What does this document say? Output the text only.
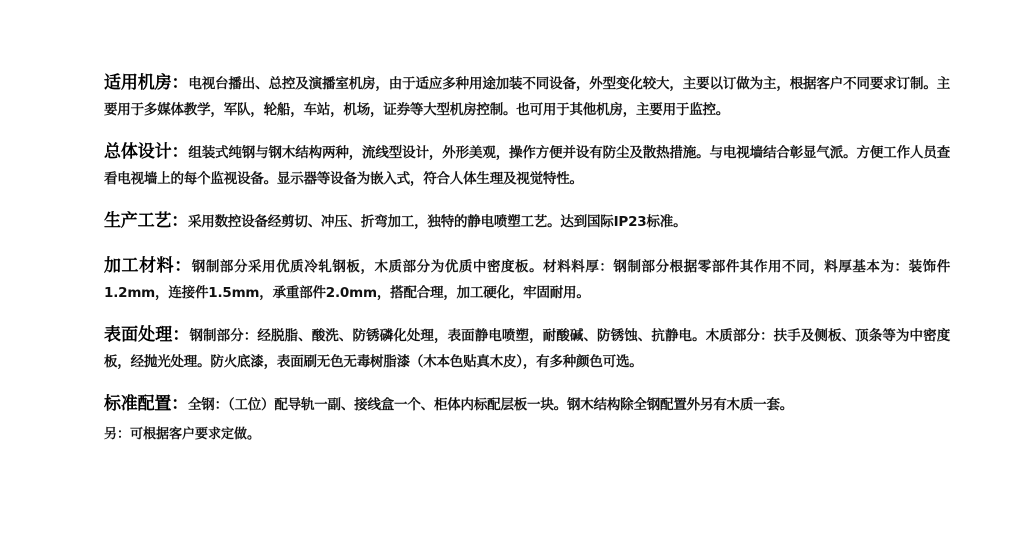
适用机房：电视台播出、总控及演播室机房，由于适应多种用途加装不同设备，外型变化较大，主要以订做为主，根据客户不同要求订制。主要用于多媒体教学，军队，轮船，车站，机场，证券等大型机房控制。也可用于其他机房，主要用于监控。

总体设计：组装式纯钢与钢木结构两种，流线型设计，外形美观，操作方便并设有防尘及散热措施。与电视墙结合彰显气派。方便工作人员查看电视墙上的每个监视设备。显示器等设备为嵌入式，符合人体生理及视觉特性。

生产工艺：采用数控设备经剪切、冲压、折弯加工，独特的静电喷塑工艺。达到国际IP23标准。

加工材料：钢制部分采用优质冷轧钢板，木质部分为优质中密度板。材料料厚：钢制部分根据零部件其作用不同，料厚基本为：装饰件1.2mm，连接件1.5mm，承重部件2.0mm，搭配合理，加工硬化，牢固耐用。

表面处理：钢制部分：经脱脂、酸洗、防锈磷化处理，表面静电喷塑，耐酸碱、防锈蚀、抗静电。木质部分：扶手及侧板、顶条等为中密度板，经抛光处理。防火底漆，表面刷无色无毒树脂漆（木本色贴真木皮），有多种颜色可选。

标准配置：全钢：（工位）配导轨一副、接线盒一个、柜体内标配层板一块。钢木结构除全钢配置外另有木质一套。

另：可根据客户要求定做。
